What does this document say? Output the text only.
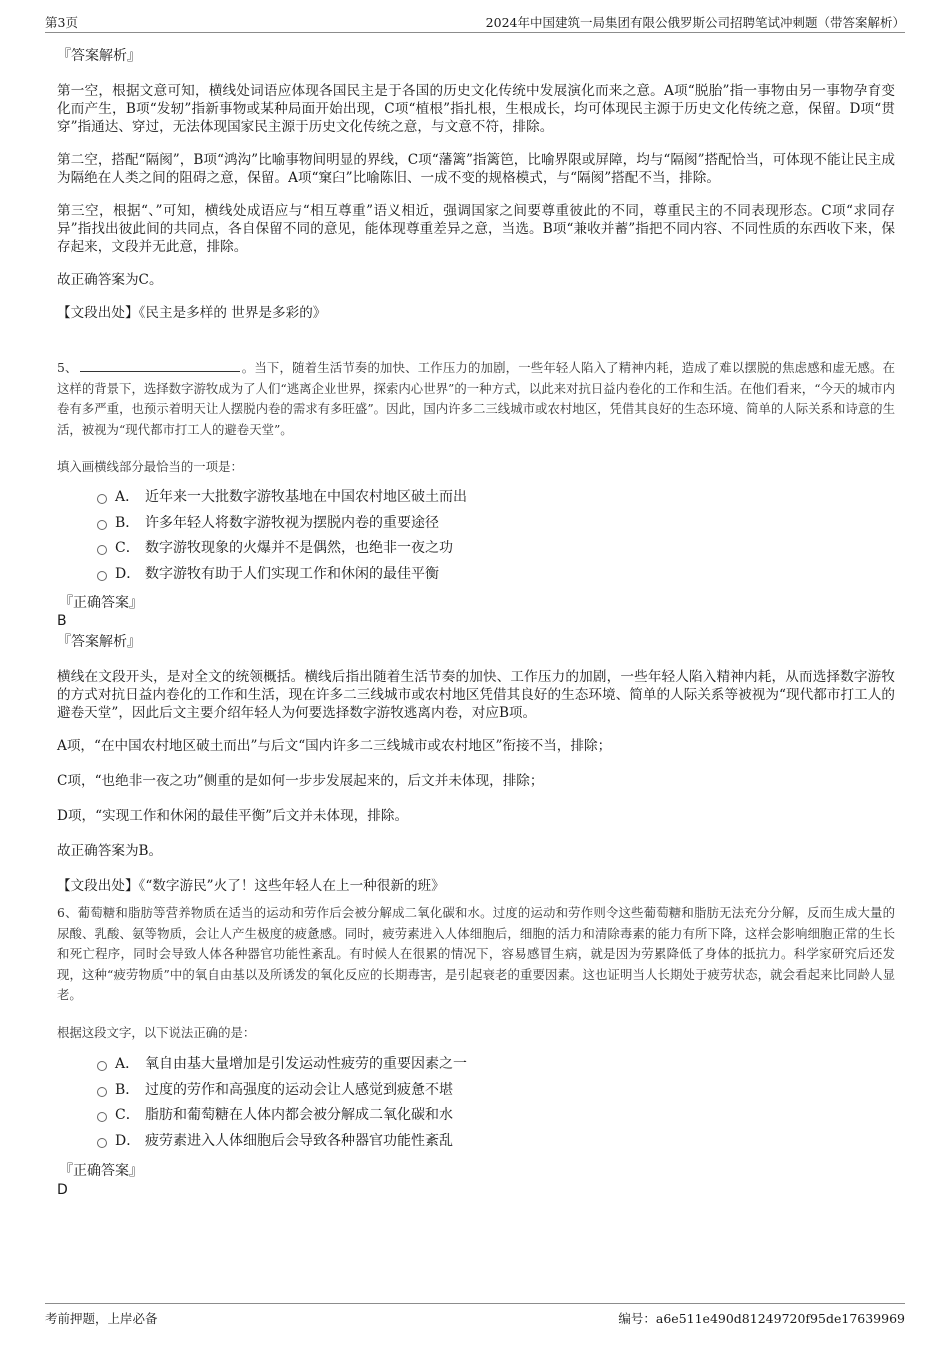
第3页	2024年中国建筑一局集团有限公俄罗斯公司招聘笔试冲刺题（带答案解析）
『答案解析』

第一空，根据文意可知，横线处词语应体现各国民主是于各国的历史文化传统中发展演化而来之意。A项“脱胎”指一事物由另一事物孕育变化而产生，B项“发轫”指新事物或某种局面开始出现，C项“植根”指扎根，生根成长，均可体现民主源于历史文化传统之意，保留。D项“贯穿”指通达、穿过，无法体现国家民主源于历史文化传统之意，与文意不符，排除。

第二空，搭配“隔阂”，B项“鸿沟”比喻事物间明显的界线，C项“藩篱”指篱笆，比喻界限或屏障，均与“隔阂”搭配恰当，可体现不能让民主成为隔绝在人类之间的阻碍之意，保留。A项“窠臼”比喻陈旧、一成不变的规格模式，与“隔阂”搭配不当，排除。

第三空，根据“、”可知，横线处成语应与“相互尊重”语义相近，强调国家之间要尊重彼此的不同，尊重民主的不同表现形态。C项“求同存异”指找出彼此间的共同点，各自保留不同的意见，能体现尊重差异之意，当选。B项“兼收并蓄”指把不同内容、不同性质的东西收下来，保存起来，文段并无此意，排除。

故正确答案为C。

【文段出处】《民主是多样的 世界是多彩的》

5、	。当下，随着生活节奏的加快、工作压力的加剧，一些年轻人陷入了精神内耗，造成了难以摆脱的焦虑感和虚无感。在这样的背景下，选择数字游牧成为了人们“逃离企业世界，探索内心世界”的一种方式，以此来对抗日益内卷化的工作和生活。在他们看来，“今天的城市内卷有多严重，也预示着明天让人摆脱内卷的需求有多旺盛”。因此，国内许多二三线城市或农村地区，凭借其良好的生态环境、简单的人际关系和诗意的生活，被视为“现代都市打工人的避卷天堂”。

填入画横线部分最恰当的一项是：

A． 近年来一大批数字游牧基地在中国农村地区破土而出
B． 许多年轻人将数字游牧视为摆脱内卷的重要途径
C． 数字游牧现象的火爆并不是偶然，也绝非一夜之功
D． 数字游牧有助于人们实现工作和休闲的最佳平衡
『正确答案』
B
『答案解析』

横线在文段开头，是对全文的统领概括。横线后指出随着生活节奏的加快、工作压力的加剧，一些年轻人陷入精神内耗，从而选择数字游牧的方式对抗日益内卷化的工作和生活，现在许多二三线城市或农村地区凭借其良好的生态环境、简单的人际关系等被视为“现代都市打工人的避卷天堂”，因此后文主要介绍年轻人为何要选择数字游牧逃离内卷，对应B项。

A项，“在中国农村地区破土而出”与后文“国内许多二三线城市或农村地区”衔接不当，排除；

C项，“也绝非一夜之功”侧重的是如何一步步发展起来的，后文并未体现，排除；

D项，“实现工作和休闲的最佳平衡”后文并未体现，排除。

故正确答案为B。

【文段出处】《“数字游民”火了！这些年轻人在上一种很新的班》

6、葡萄糖和脂肪等营养物质在适当的运动和劳作后会被分解成二氧化碳和水。过度的运动和劳作则令这些葡萄糖和脂肪无法充分分解，反而生成大量的尿酸、乳酸、氨等物质，会让人产生极度的疲惫感。同时，疲劳素进入人体细胞后，细胞的活力和清除毒素的能力有所下降，这样会影响细胞正常的生长和死亡程序，同时会导致人体各种器官功能性紊乱。有时候人在很累的情况下，容易感冒生病，就是因为劳累降低了身体的抵抗力。科学家研究后还发现，这种“疲劳物质”中的氧自由基以及所诱发的氧化反应的长期毒害，是引起衰老的重要因素。这也证明当人长期处于疲劳状态，就会看起来比同龄人显老。

根据这段文字，以下说法正确的是：

A． 氧自由基大量增加是引发运动性疲劳的重要因素之一
B． 过度的劳作和高强度的运动会让人感觉到疲惫不堪
C． 脂肪和葡萄糖在人体内都会被分解成二氧化碳和水
D． 疲劳素进入人体细胞后会导致各种器官功能性紊乱
『正确答案』
D
考前押题，上岸必备	编号：a6e511e490d81249720f95de17639969
